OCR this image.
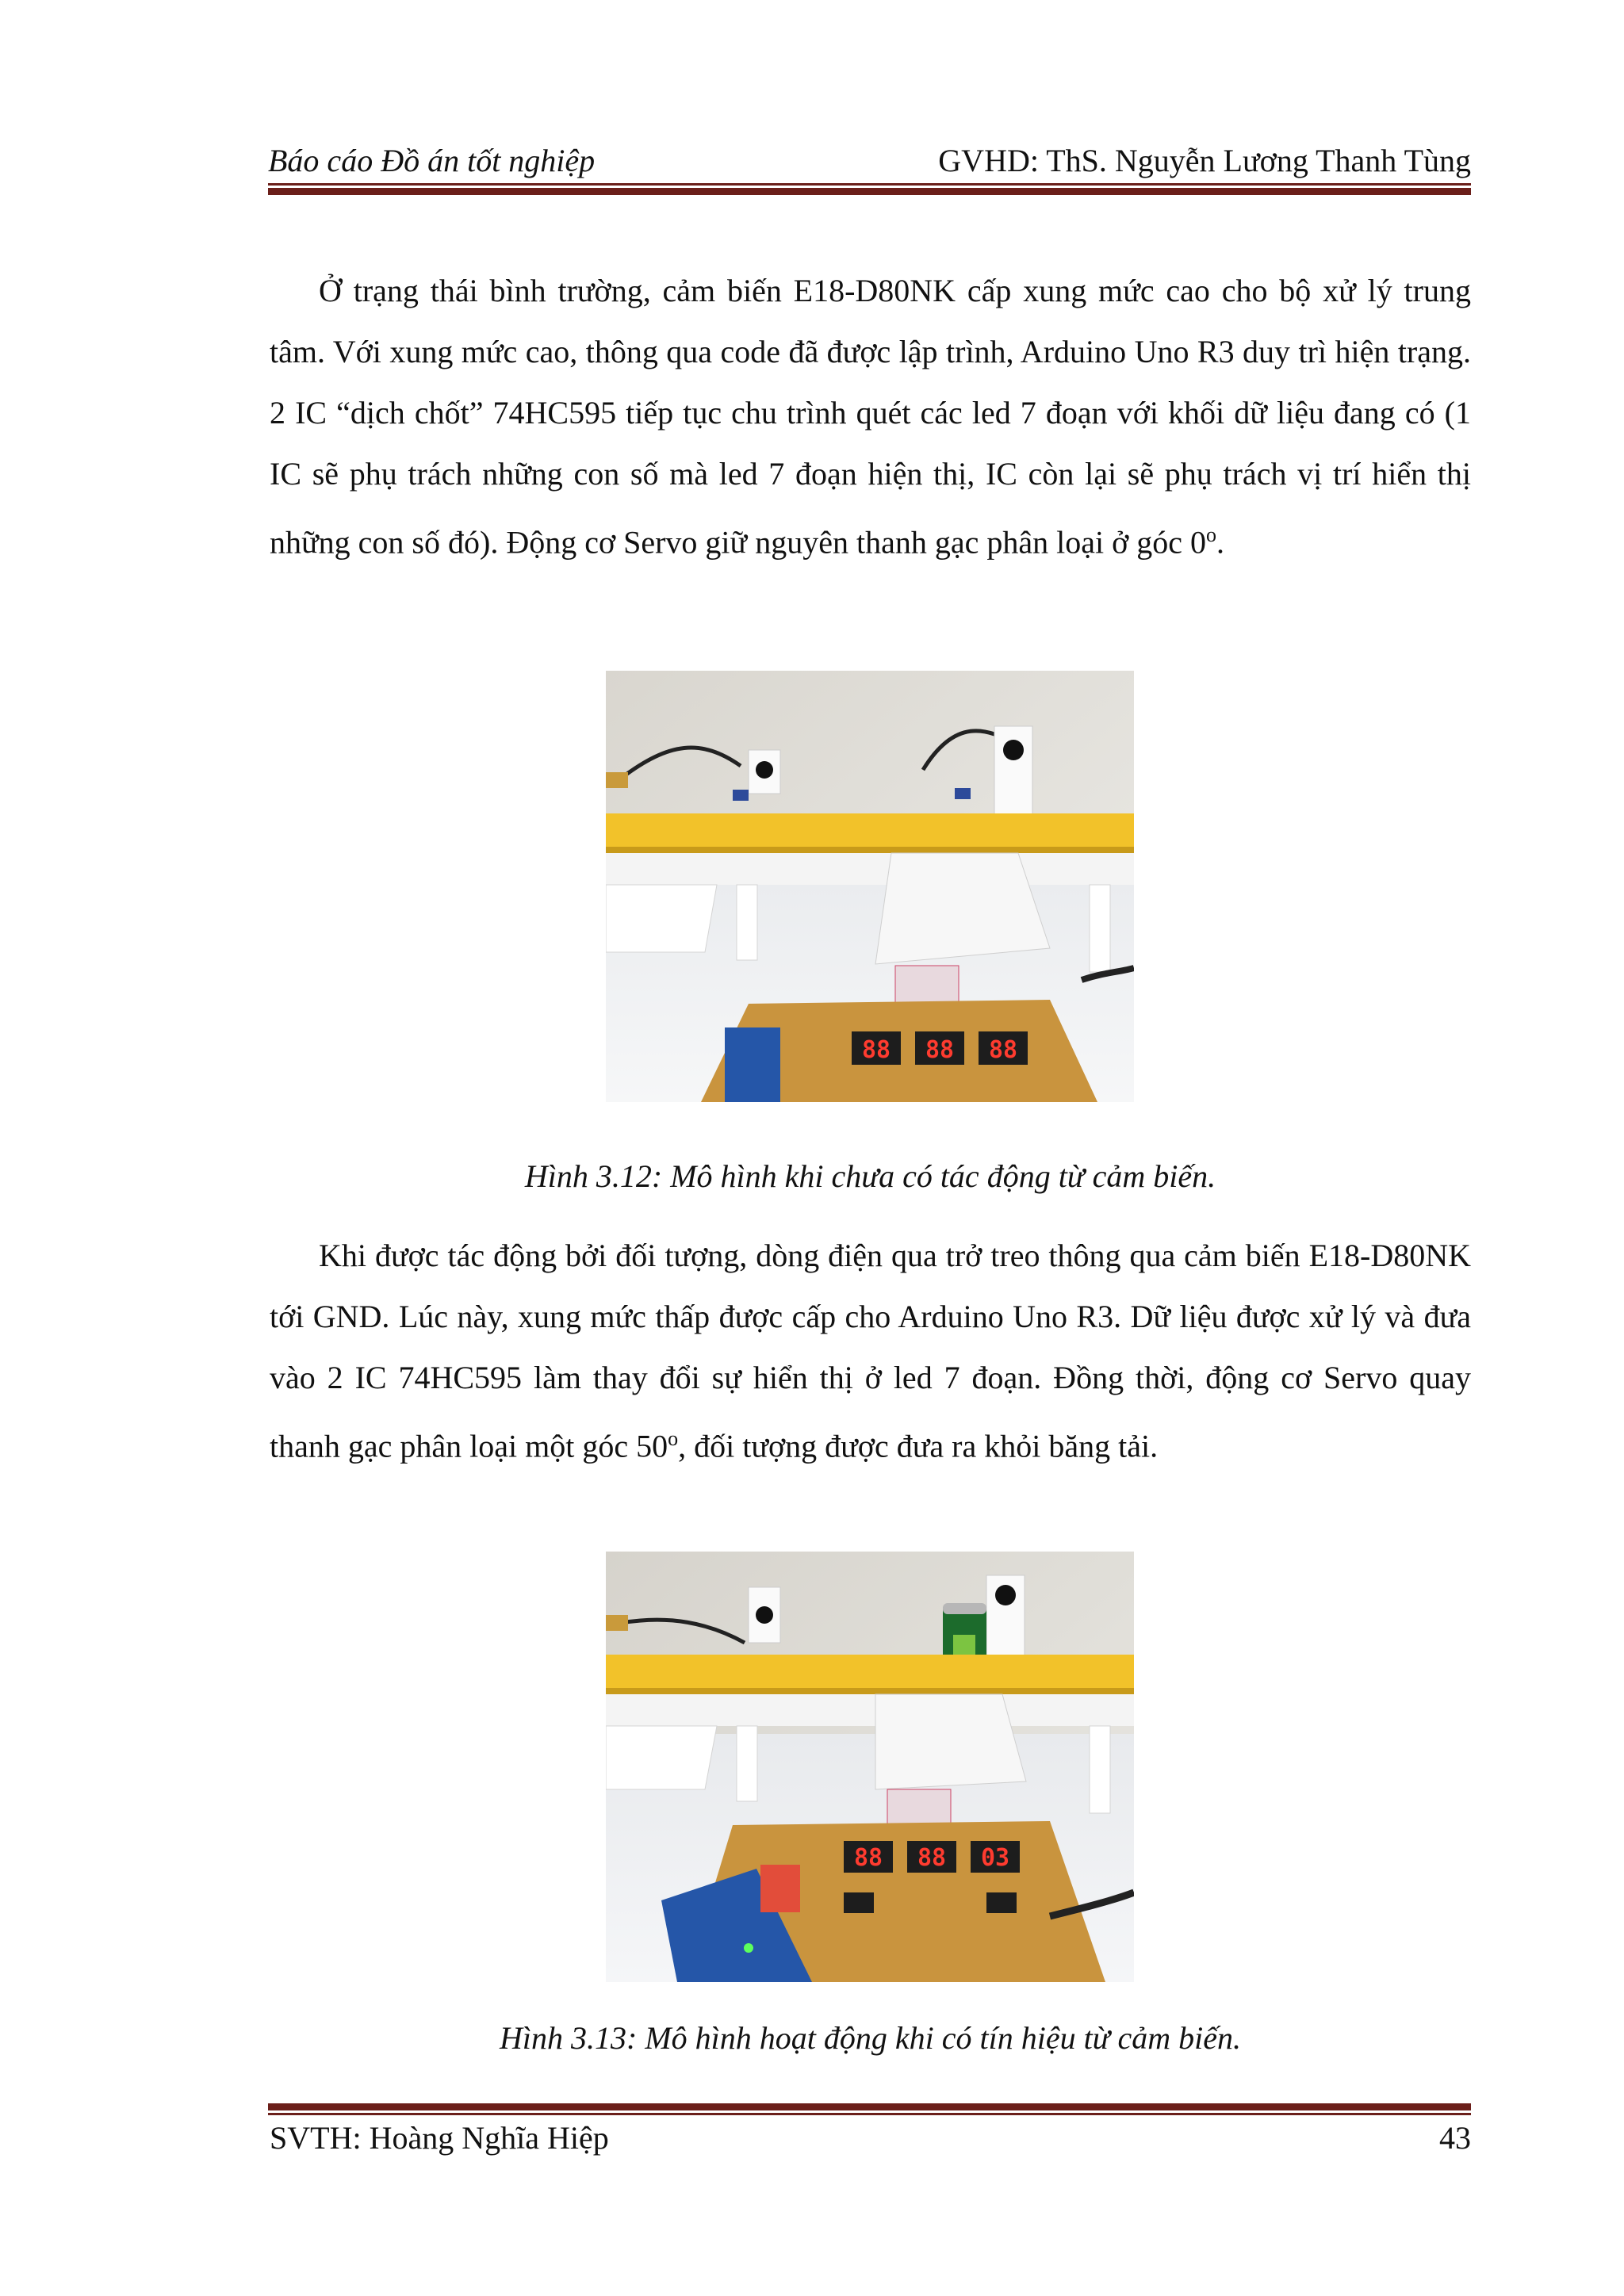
Báo cáo Đồ án tốt nghiệp	GVHD: ThS. Nguyễn Lương Thanh Tùng

Ở trạng thái bình trường, cảm biến E18-D80NK cấp xung mức cao cho bộ xử lý trung tâm. Với xung mức cao, thông qua code đã được lập trình, Arduino Uno R3 duy trì hiện trạng. 2 IC “dịch chốt” 74HC595 tiếp tục chu trình quét các led 7 đoạn với khối dữ liệu đang có (1 IC sẽ phụ trách những con số mà led 7 đoạn hiện thị, IC còn lại sẽ phụ trách vị trí hiển thị những con số đó). Động cơ Servo giữ nguyên thanh gạc phân loại ở góc 0$^o$.

88 88 88
Hình 3.12: Mô hình khi chưa có tác động từ cảm biến.

Khi được tác động bởi đối tượng, dòng điện qua trở treo thông qua cảm biến E18-D80NK tới GND. Lúc này, xung mức thấp được cấp cho Arduino Uno R3. Dữ liệu được xử lý và đưa vào 2 IC 74HC595 làm thay đổi sự hiển thị ở led 7 đoạn. Đồng thời, động cơ Servo quay thanh gạc phân loại một góc 50$^o$, đối tượng được đưa ra khỏi băng tải.

88 88 03
Hình 3.13: Mô hình hoạt động khi có tín hiệu từ cảm biến.
SVTH: Hoàng Nghĩa Hiệp	43
